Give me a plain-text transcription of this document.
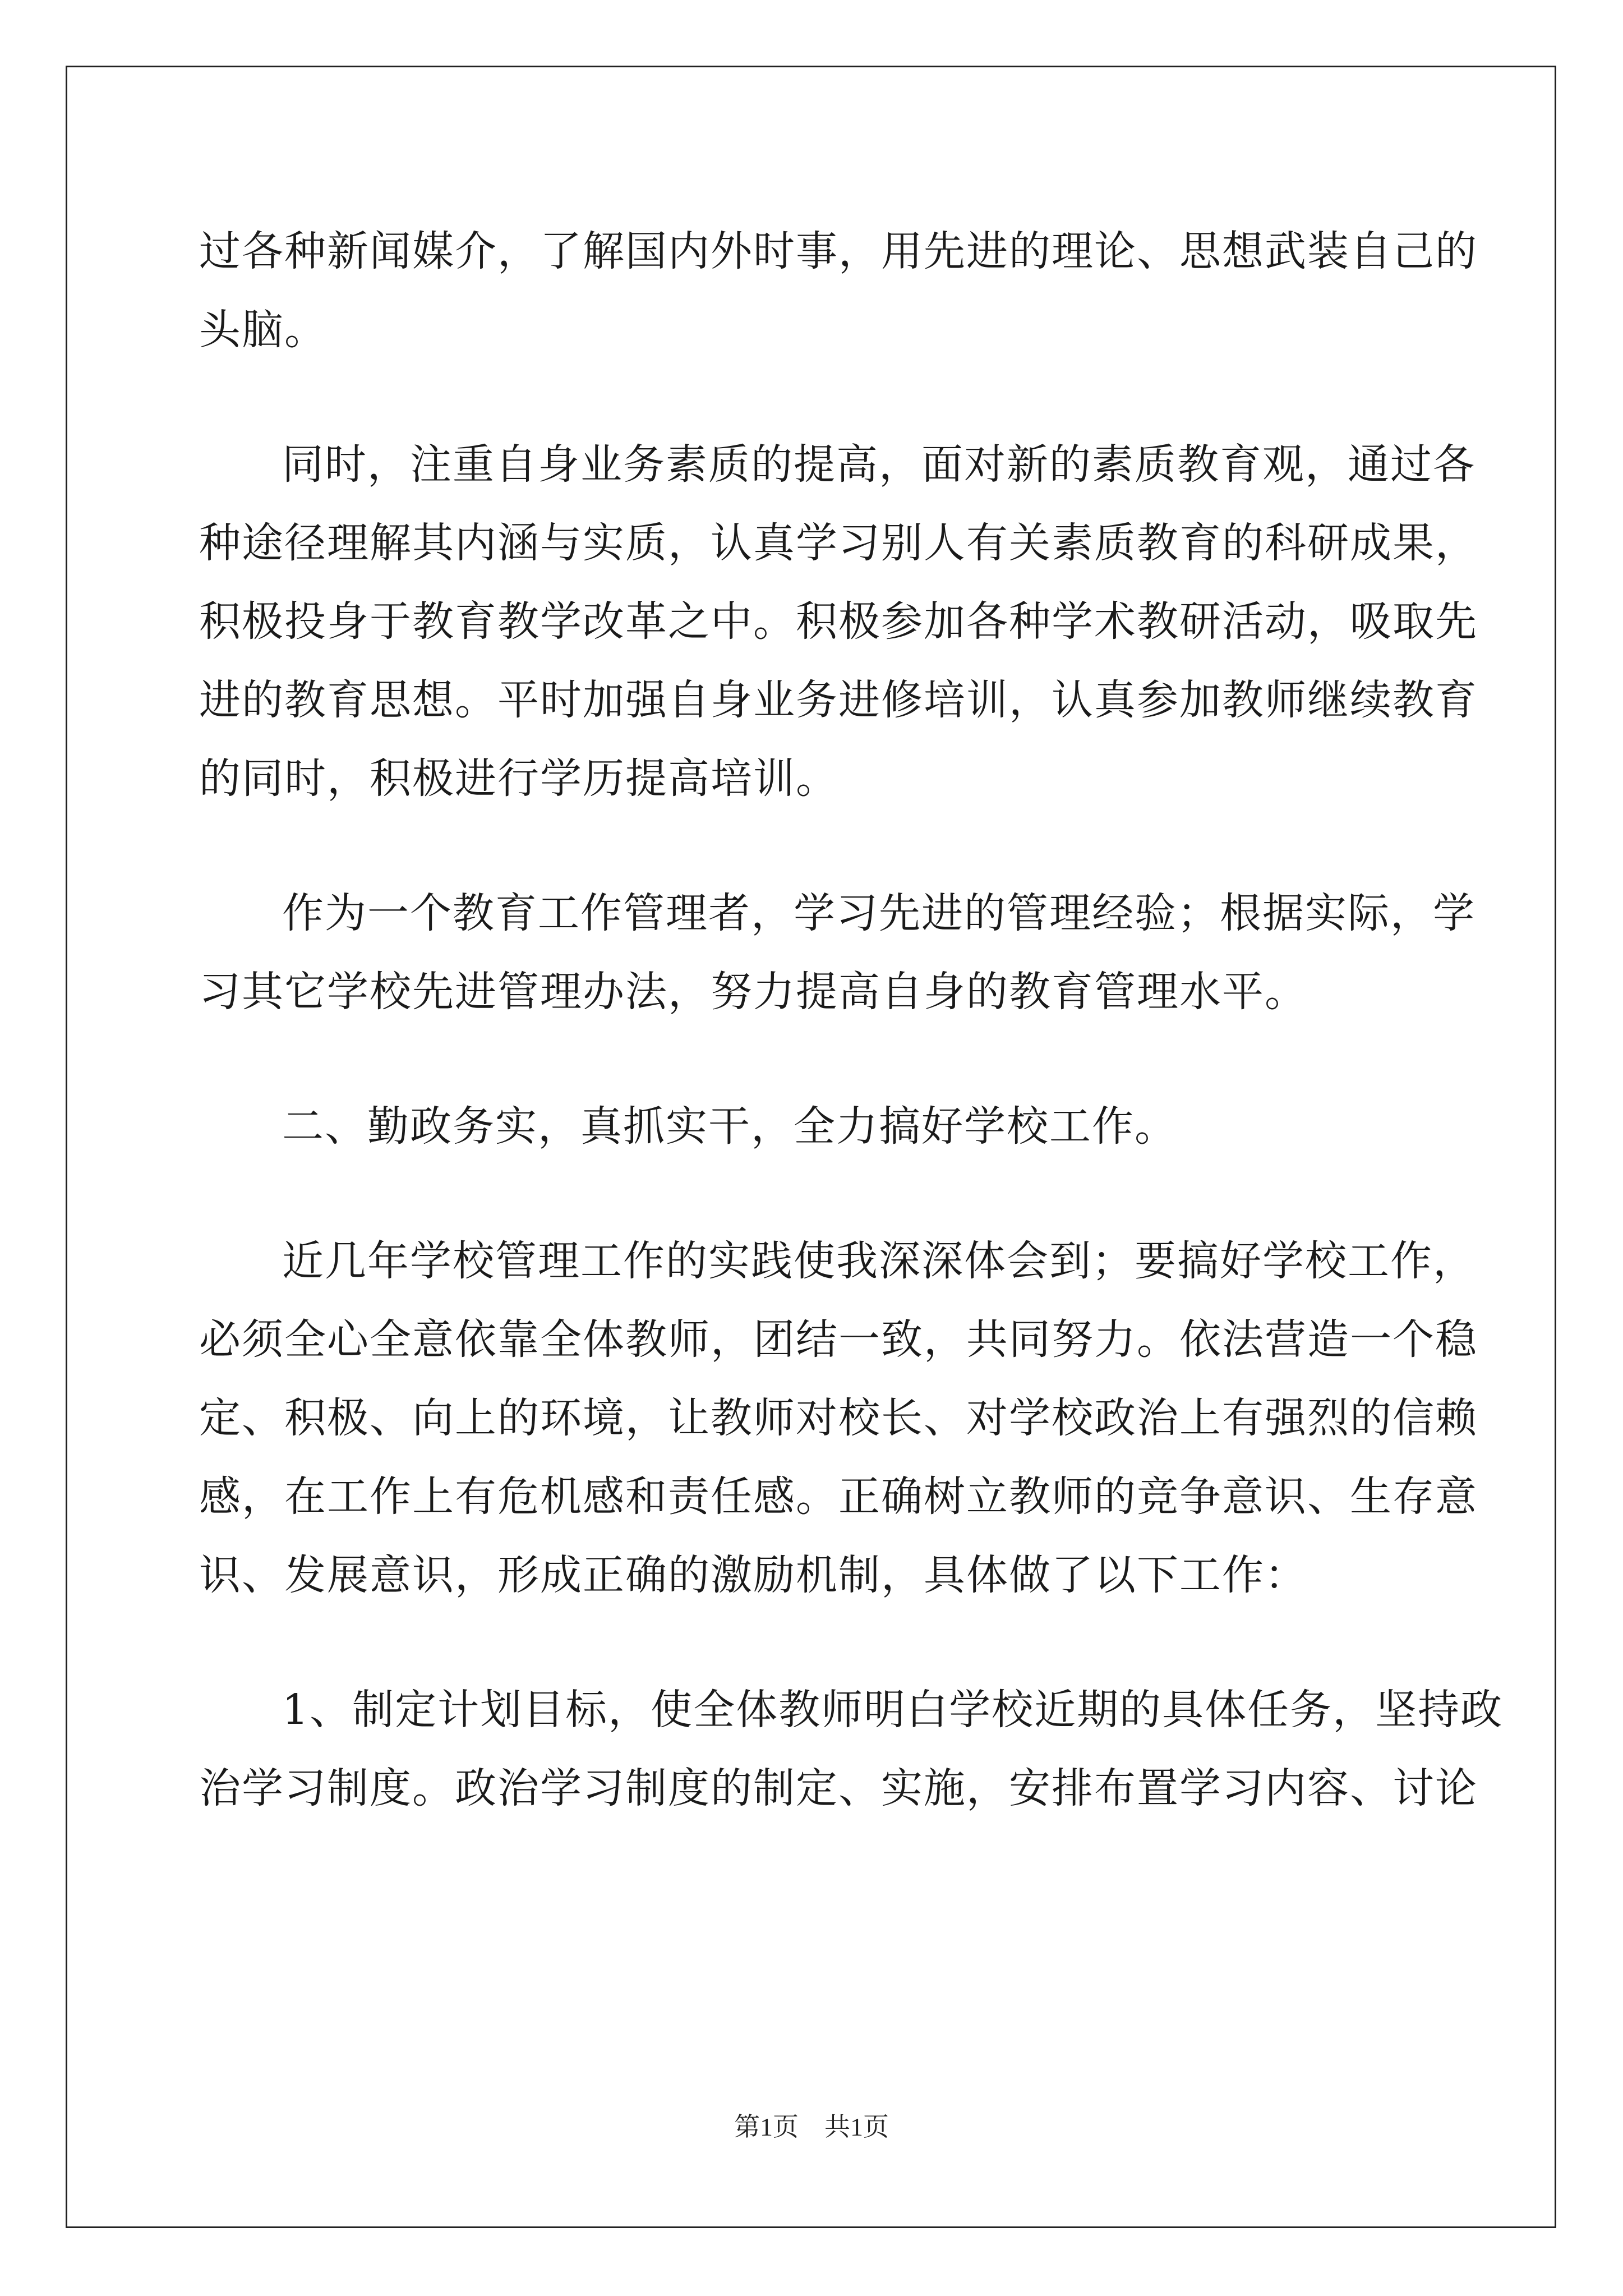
过各种新闻媒介，了解国内外时事，用先进的理论、思想武装自己的
头脑。
同时，注重自身业务素质的提高，面对新的素质教育观，通过各
种途径理解其内涵与实质，认真学习别人有关素质教育的科研成果，
积极投身于教育教学改革之中。积极参加各种学术教研活动，吸取先
进的教育思想。平时加强自身业务进修培训，认真参加教师继续教育
的同时，积极进行学历提高培训。
作为一个教育工作管理者，学习先进的管理经验；根据实际，学
习其它学校先进管理办法，努力提高自身的教育管理水平。
二、勤政务实，真抓实干，全力搞好学校工作。
近几年学校管理工作的实践使我深深体会到；要搞好学校工作，
必须全心全意依靠全体教师，团结一致，共同努力。依法营造一个稳
定、积极、向上的环境，让教师对校长、对学校政治上有强烈的信赖
感，在工作上有危机感和责任感。正确树立教师的竞争意识、生存意
识、发展意识，形成正确的激励机制，具体做了以下工作：
1、制定计划目标，使全体教师明白学校近期的具体任务，坚持政
治学习制度。政治学习制度的制定、实施，安排布置学习内容、讨论
第1页　共1页
